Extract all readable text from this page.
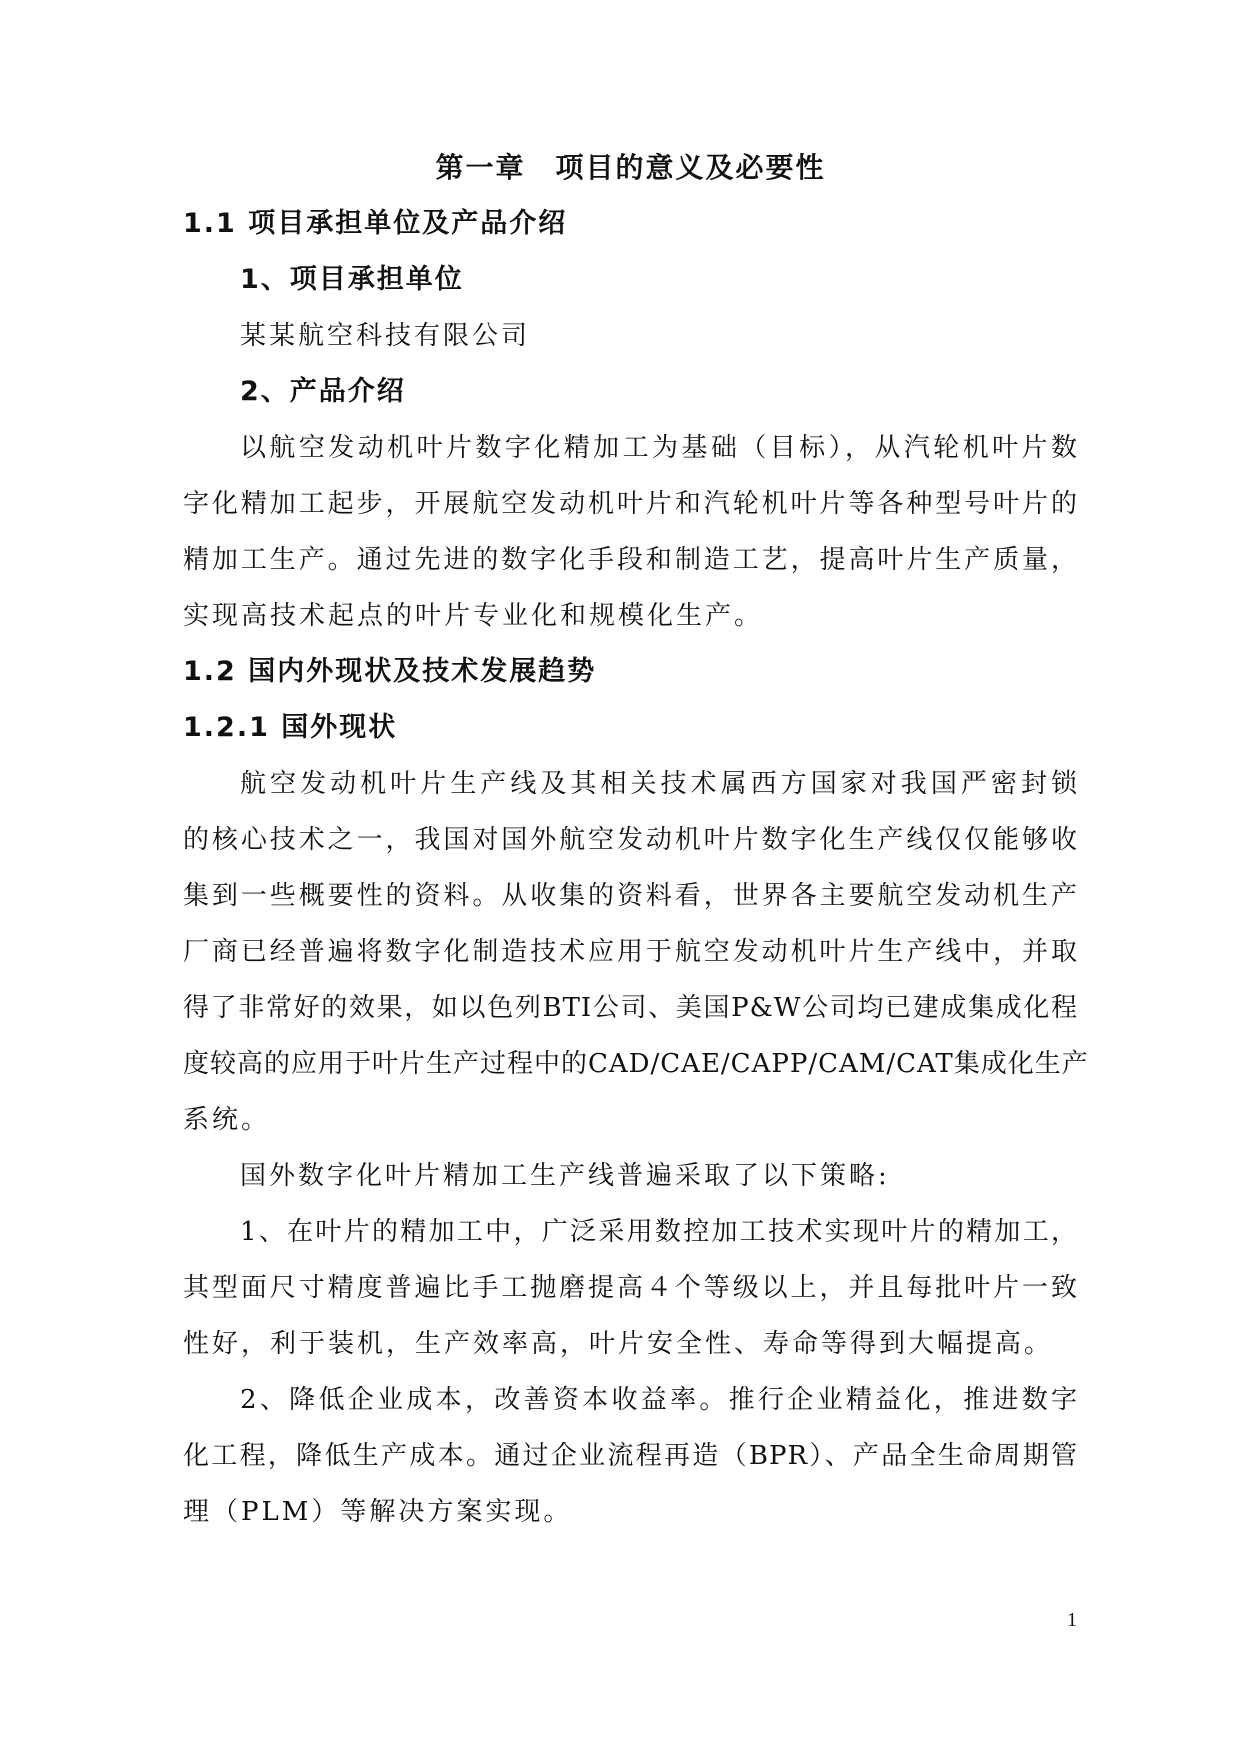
第一章　项目的意义及必要性
1.1 项目承担单位及产品介绍
1、项目承担单位
某某航空科技有限公司
2、产品介绍
以航空发动机叶片数字化精加工为基础（目标），从汽轮机叶片数
字化精加工起步，开展航空发动机叶片和汽轮机叶片等各种型号叶片的
精加工生产。通过先进的数字化手段和制造工艺，提高叶片生产质量，
实现高技术起点的叶片专业化和规模化生产。
1.2 国内外现状及技术发展趋势
1.2.1 国外现状
航空发动机叶片生产线及其相关技术属西方国家对我国严密封锁
的核心技术之一，我国对国外航空发动机叶片数字化生产线仅仅能够收
集到一些概要性的资料。从收集的资料看，世界各主要航空发动机生产
厂商已经普遍将数字化制造技术应用于航空发动机叶片生产线中，并取
得了非常好的效果，如以色列BTI公司、美国P&W公司均已建成集成化程
度较高的应用于叶片生产过程中的CAD/CAE/CAPP/CAM/CAT集成化生产
系统。
国外数字化叶片精加工生产线普遍采取了以下策略:
1、在叶片的精加工中，广泛采用数控加工技术实现叶片的精加工，
其型面尺寸精度普遍比手工抛磨提高４个等级以上，并且每批叶片一致
性好，利于装机，生产效率高，叶片安全性、寿命等得到大幅提高。
2、降低企业成本，改善资本收益率。推行企业精益化，推进数字
化工程，降低生产成本。通过企业流程再造（BPR）、产品全生命周期管
理（PLM）等解决方案实现。
1
